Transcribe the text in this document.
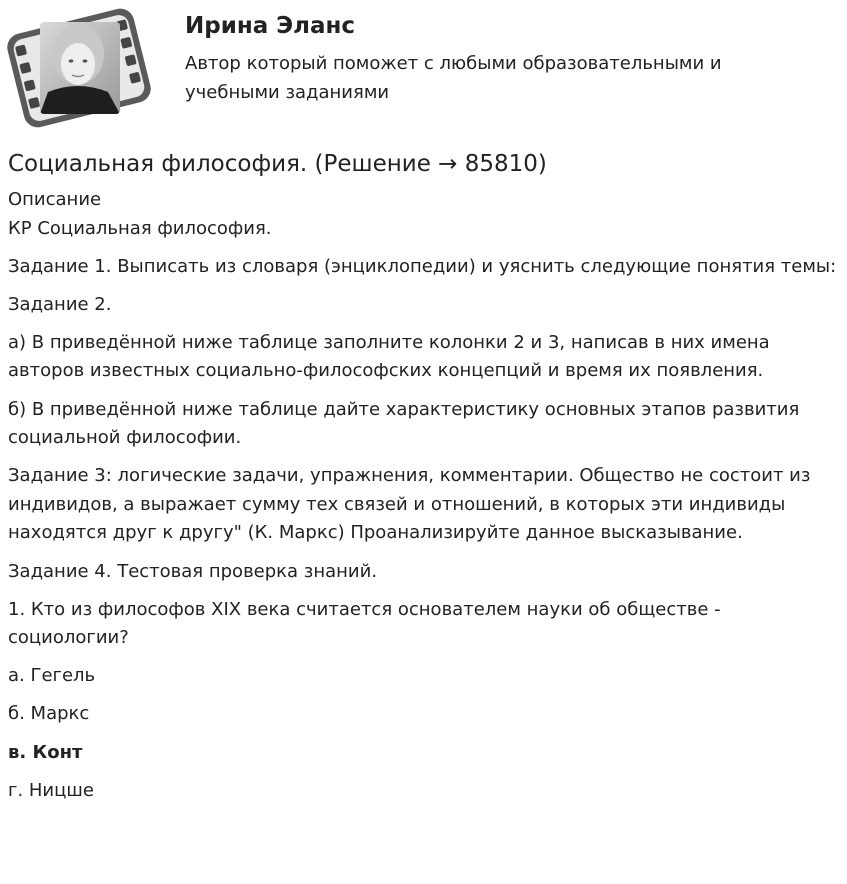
Ирина Эланс

Автор который поможет с любыми образовательными и учебными заданиями

Социальная философия. (Решение → 85810)

Описание

КР Социальная философия.

Задание 1. Выписать из словаря (энциклопедии) и уяснить следующие понятия темы:

Задание 2.

а) В приведённой ниже таблице заполните колонки 2 и 3, написав в них имена авторов известных социально-философских концепций и время их появления.

б) В приведённой ниже таблице дайте характеристику основных этапов развития социальной философии.

Задание 3: логические задачи, упражнения, комментарии. Общество не состоит из индивидов, а выражает сумму тех связей и отношений, в которых эти индивиды находятся друг к другу" (К. Маркс) Проанализируйте данное высказывание.

Задание 4. Тестовая проверка знаний.

1. Кто из философов XIX века считается основателем науки об обществе - социологии?

а. Гегель

б. Маркс

в. Конт

г. Ницше
